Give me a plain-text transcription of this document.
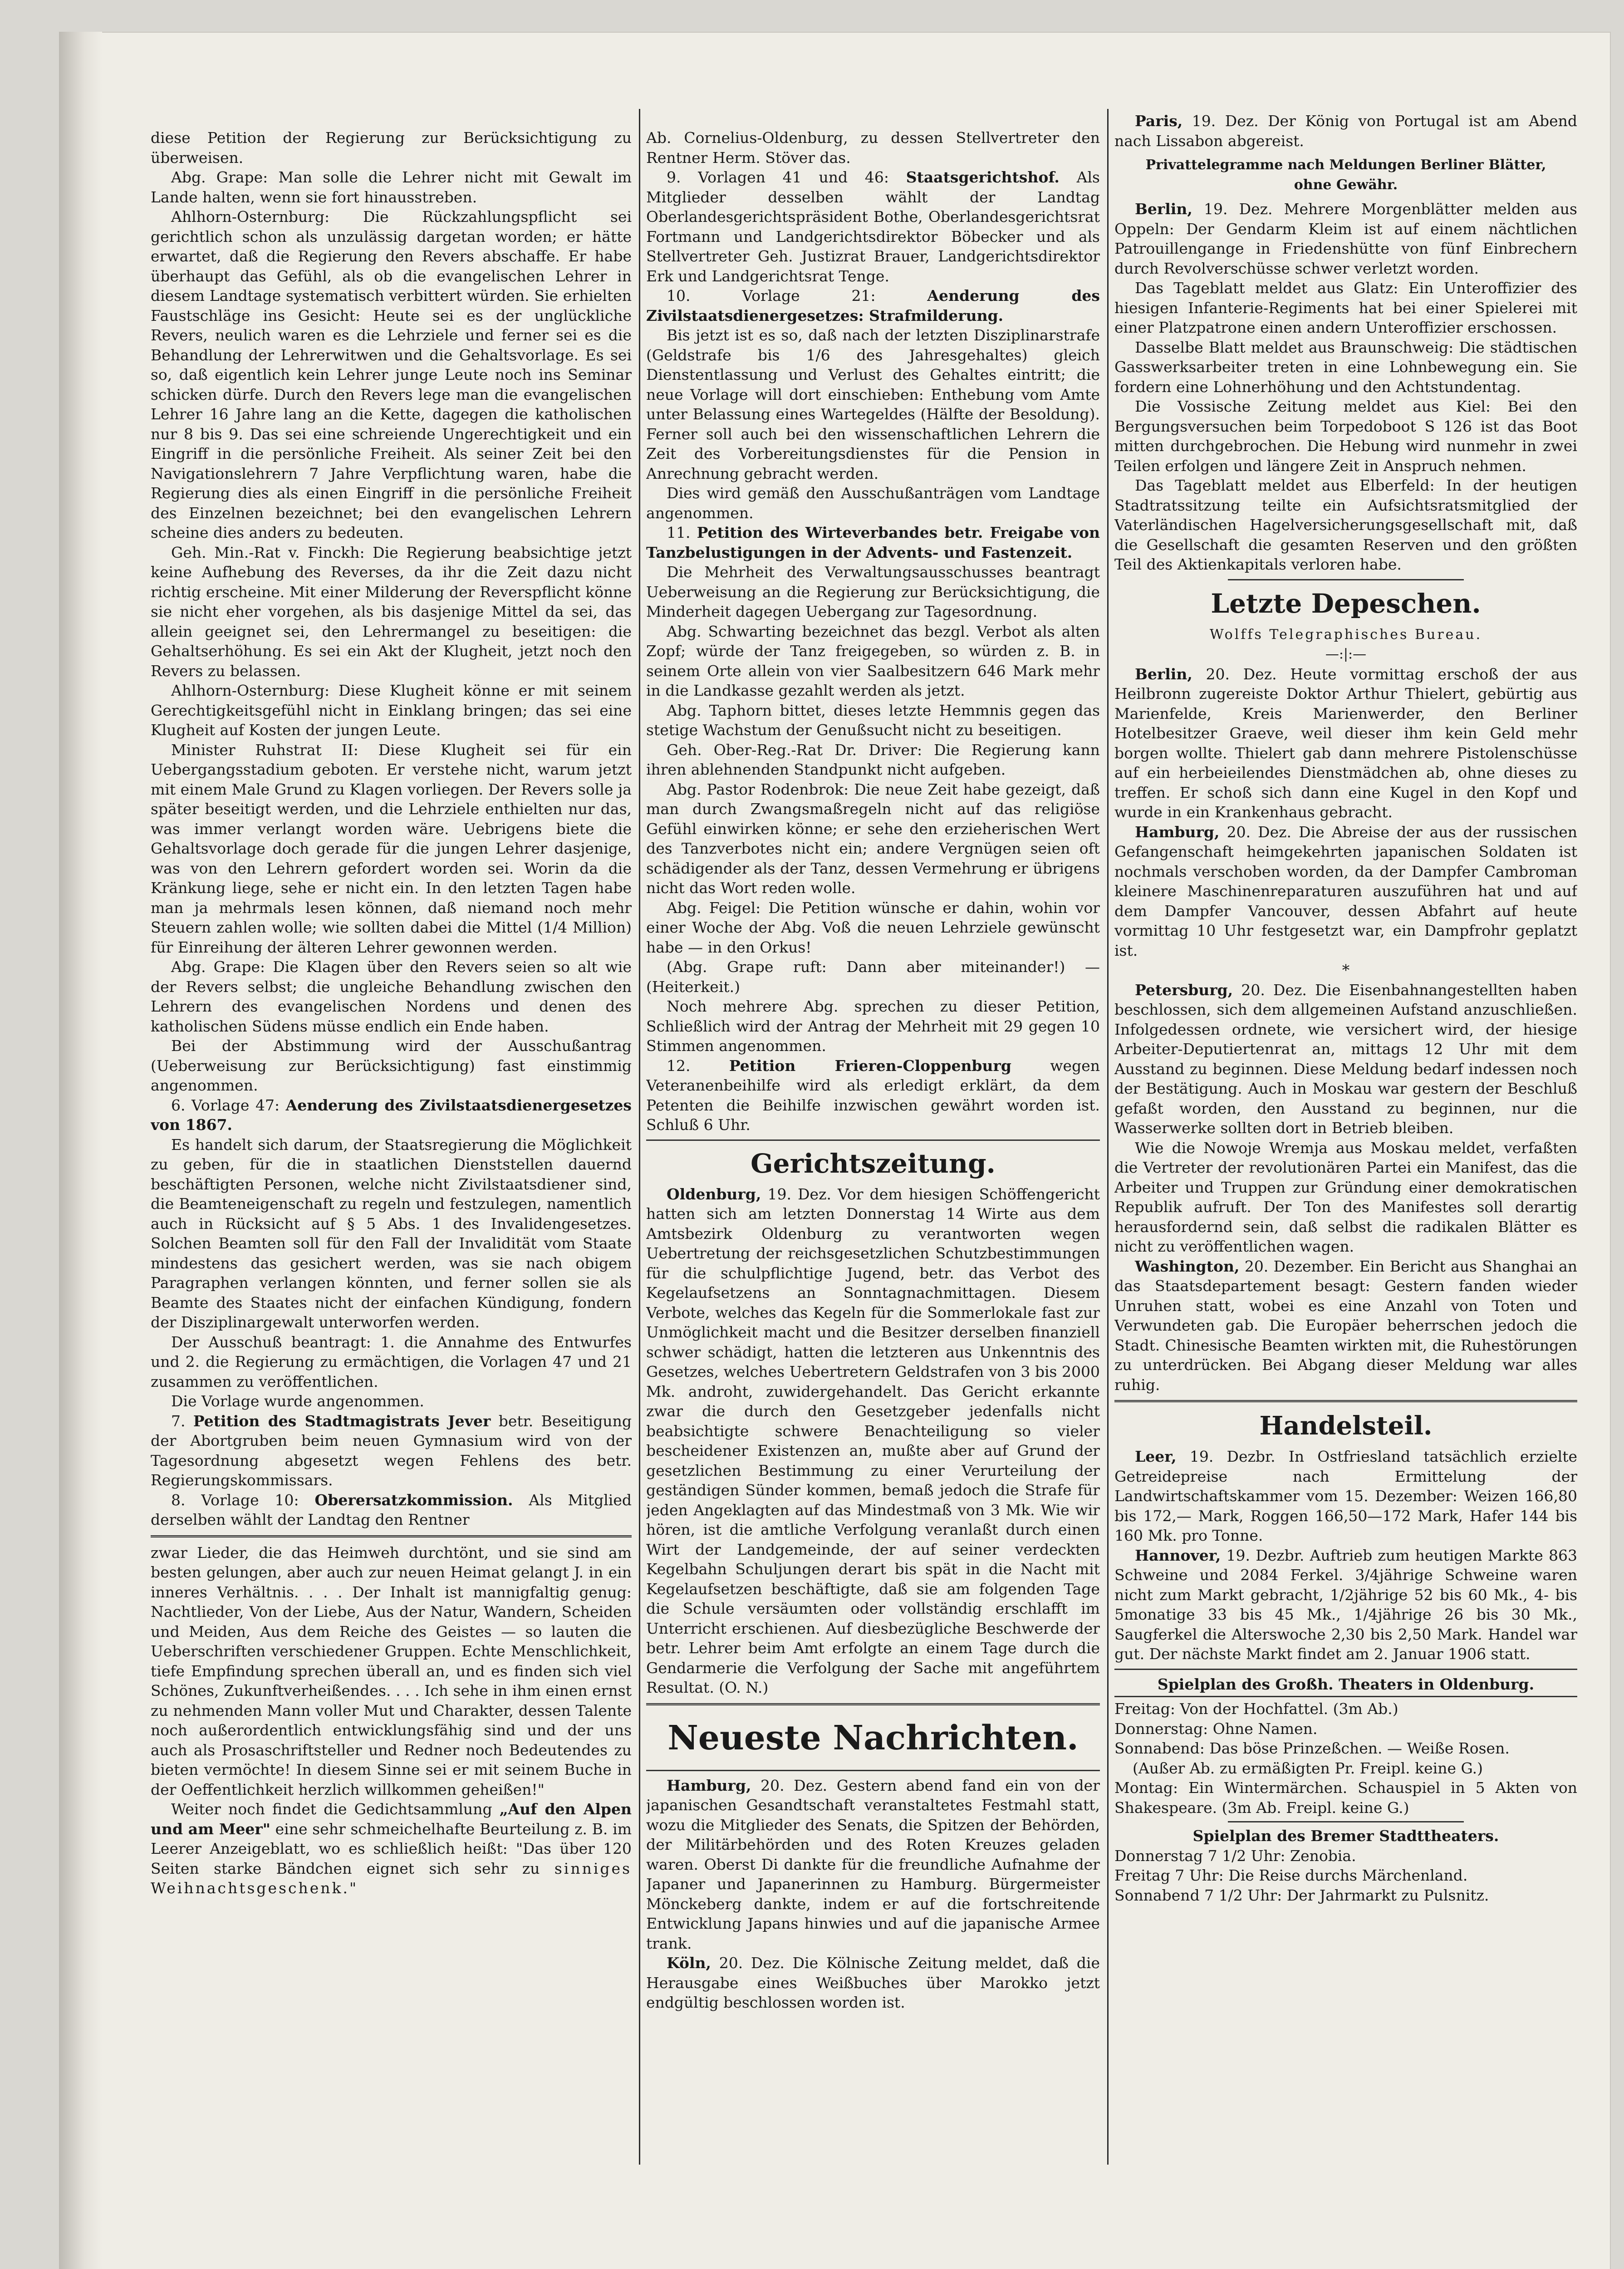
diese Petition der Regierung zur Berücksichtigung zu überweisen.

Abg. Grape: Man solle die Lehrer nicht mit Gewalt im Lande halten, wenn sie fort hinausstreben.

Ahlhorn-Osternburg: Die Rückzahlungspflicht sei gerichtlich schon als unzulässig dargetan worden; er hätte erwartet, daß die Regierung den Revers abschaffe. Er habe überhaupt das Gefühl, als ob die evangelischen Lehrer in diesem Landtage systematisch verbittert würden. Sie erhielten Faustschläge ins Gesicht: Heute sei es der unglückliche Revers, neulich waren es die Lehrziele und ferner sei es die Behandlung der Lehrerwitwen und die Gehaltsvorlage. Es sei so, daß eigentlich kein Lehrer junge Leute noch ins Seminar schicken dürfe. Durch den Revers lege man die evangelischen Lehrer 16 Jahre lang an die Kette, dagegen die katholischen nur 8 bis 9. Das sei eine schreiende Ungerechtigkeit und ein Eingriff in die persönliche Freiheit. Als seiner Zeit bei den Navigationslehrern 7 Jahre Verpflichtung waren, habe die Regierung dies als einen Eingriff in die persönliche Freiheit des Einzelnen bezeichnet; bei den evangelischen Lehrern scheine dies anders zu bedeuten.

Geh. Min.-Rat v. Finckh: Die Regierung beabsichtige jetzt keine Aufhebung des Reverses, da ihr die Zeit dazu nicht richtig erscheine. Mit einer Milderung der Reverspflicht könne sie nicht eher vorgehen, als bis dasjenige Mittel da sei, das allein geeignet sei, den Lehrermangel zu beseitigen: die Gehaltserhöhung. Es sei ein Akt der Klugheit, jetzt noch den Revers zu belassen.

Ahlhorn-Osternburg: Diese Klugheit könne er mit seinem Gerechtigkeitsgefühl nicht in Einklang bringen; das sei eine Klugheit auf Kosten der jungen Leute.

Minister Ruhstrat II: Diese Klugheit sei für ein Uebergangsstadium geboten. Er verstehe nicht, warum jetzt mit einem Male Grund zu Klagen vorliegen. Der Revers solle ja später beseitigt werden, und die Lehrziele enthielten nur das, was immer verlangt worden wäre. Uebrigens biete die Gehaltsvorlage doch gerade für die jungen Lehrer dasjenige, was von den Lehrern gefordert worden sei. Worin da die Kränkung liege, sehe er nicht ein. In den letzten Tagen habe man ja mehrmals lesen können, daß niemand noch mehr Steuern zahlen wolle; wie sollten dabei die Mittel (1/4 Million) für Einreihung der älteren Lehrer gewonnen werden.

Abg. Grape: Die Klagen über den Revers seien so alt wie der Revers selbst; die ungleiche Behandlung zwischen den Lehrern des evangelischen Nordens und denen des katholischen Südens müsse endlich ein Ende haben.

Bei der Abstimmung wird der Ausschußantrag (Ueberweisung zur Berücksichtigung) fast einstimmig angenommen.

6. Vorlage 47: Aenderung des Zivilstaatsdienergesetzes von 1867.

Es handelt sich darum, der Staatsregierung die Möglichkeit zu geben, für die in staatlichen Dienststellen dauernd beschäftigten Personen, welche nicht Zivilstaatsdiener sind, die Beamteneigenschaft zu regeln und festzulegen, namentlich auch in Rücksicht auf § 5 Abs. 1 des Invalidengesetzes. Solchen Beamten soll für den Fall der Invalidität vom Staate mindestens das gesichert werden, was sie nach obigem Paragraphen verlangen könnten, und ferner sollen sie als Beamte des Staates nicht der einfachen Kündigung, fondern der Disziplinargewalt unterworfen werden.

Der Ausschuß beantragt: 1. die Annahme des Entwurfes und 2. die Regierung zu ermächtigen, die Vorlagen 47 und 21 zusammen zu veröffentlichen.

Die Vorlage wurde angenommen.

7. Petition des Stadtmagistrats Jever betr. Beseitigung der Abortgruben beim neuen Gymnasium wird von der Tagesordnung abgesetzt wegen Fehlens des betr. Regierungskommissars.

8. Vorlage 10: Oberersatzkommission. Als Mitglied derselben wählt der Landtag den Rentner

zwar Lieder, die das Heimweh durchtönt, und sie sind am besten gelungen, aber auch zur neuen Heimat gelangt J. in ein inneres Verhältnis. . . . Der Inhalt ist mannigfaltig genug: Nachtlieder, Von der Liebe, Aus der Natur, Wandern, Scheiden und Meiden, Aus dem Reiche des Geistes — so lauten die Ueberschriften verschiedener Gruppen. Echte Menschlichkeit, tiefe Empfindung sprechen überall an, und es finden sich viel Schönes, Zukunftverheißendes. . . . Ich sehe in ihm einen ernst zu nehmenden Mann voller Mut und Charakter, dessen Talente noch außerordentlich entwicklungsfähig sind und der uns auch als Prosaschriftsteller und Redner noch Bedeutendes zu bieten vermöchte! In diesem Sinne sei er mit seinem Buche in der Oeffentlichkeit herzlich willkommen geheißen!"

Weiter noch findet die Gedichtsammlung „Auf den Alpen und am Meer" eine sehr schmeichelhafte Beurteilung z. B. im Leerer Anzeigeblatt, wo es schließlich heißt: "Das über 120 Seiten starke Bändchen eignet sich sehr zu sinniges Weihnachtsgeschenk."

Ab. Cornelius-Oldenburg, zu dessen Stellvertreter den Rentner Herm. Stöver das.

9. Vorlagen 41 und 46: Staatsgerichtshof. Als Mitglieder desselben wählt der Landtag Oberlandesgerichtspräsident Bothe, Oberlandesgerichtsrat Fortmann und Landgerichtsdirektor Böbecker und als Stellvertreter Geh. Justizrat Brauer, Landgerichtsdirektor Erk und Landgerichtsrat Tenge.

10. Vorlage 21: Aenderung des Zivilstaatsdienergesetzes: Strafmilderung.

Bis jetzt ist es so, daß nach der letzten Disziplinarstrafe (Geldstrafe bis 1/6 des Jahresgehaltes) gleich Dienstentlassung und Verlust des Gehaltes eintritt; die neue Vorlage will dort einschieben: Enthebung vom Amte unter Belassung eines Wartegeldes (Hälfte der Besoldung). Ferner soll auch bei den wissenschaftlichen Lehrern die Zeit des Vorbereitungsdienstes für die Pension in Anrechnung gebracht werden.

Dies wird gemäß den Ausschußanträgen vom Landtage angenommen.

11. Petition des Wirteverbandes betr. Freigabe von Tanzbelustigungen in der Advents- und Fastenzeit.

Die Mehrheit des Verwaltungsausschusses beantragt Ueberweisung an die Regierung zur Berücksichtigung, die Minderheit dagegen Uebergang zur Tagesordnung.

Abg. Schwarting bezeichnet das bezgl. Verbot als alten Zopf; würde der Tanz freigegeben, so würden z. B. in seinem Orte allein von vier Saalbesitzern 646 Mark mehr in die Landkasse gezahlt werden als jetzt.

Abg. Taphorn bittet, dieses letzte Hemmnis gegen das stetige Wachstum der Genußsucht nicht zu beseitigen.

Geh. Ober-Reg.-Rat Dr. Driver: Die Regierung kann ihren ablehnenden Standpunkt nicht aufgeben.

Abg. Pastor Rodenbrok: Die neue Zeit habe gezeigt, daß man durch Zwangsmaßregeln nicht auf das religiöse Gefühl einwirken könne; er sehe den erzieherischen Wert des Tanzverbotes nicht ein; andere Vergnügen seien oft schädigender als der Tanz, dessen Vermehrung er übrigens nicht das Wort reden wolle.

Abg. Feigel: Die Petition wünsche er dahin, wohin vor einer Woche der Abg. Voß die neuen Lehrziele gewünscht habe — in den Orkus!

(Abg. Grape ruft: Dann aber miteinander!) — (Heiterkeit.)

Noch mehrere Abg. sprechen zu dieser Petition, Schließlich wird der Antrag der Mehrheit mit 29 gegen 10 Stimmen angenommen.

12. Petition Frieren-Cloppenburg wegen Veteranenbeihilfe wird als erledigt erklärt, da dem Petenten die Beihilfe inzwischen gewährt worden ist. Schluß 6 Uhr.

Gerichtszeitung.

Oldenburg, 19. Dez. Vor dem hiesigen Schöffengericht hatten sich am letzten Donnerstag 14 Wirte aus dem Amtsbezirk Oldenburg zu verantworten wegen Uebertretung der reichsgesetzlichen Schutzbestimmungen für die schulpflichtige Jugend, betr. das Verbot des Kegelaufsetzens an Sonntagnachmittagen. Diesem Verbote, welches das Kegeln für die Sommerlokale fast zur Unmöglichkeit macht und die Besitzer derselben finanziell schwer schädigt, hatten die letzteren aus Unkenntnis des Gesetzes, welches Uebertretern Geldstrafen von 3 bis 2000 Mk. androht, zuwidergehandelt. Das Gericht erkannte zwar die durch den Gesetzgeber jedenfalls nicht beabsichtigte schwere Benachteiligung so vieler bescheidener Existenzen an, mußte aber auf Grund der gesetzlichen Bestimmung zu einer Verurteilung der geständigen Sünder kommen, bemaß jedoch die Strafe für jeden Angeklagten auf das Mindestmaß von 3 Mk. Wie wir hören, ist die amtliche Verfolgung veranlaßt durch einen Wirt der Landgemeinde, der auf seiner verdeckten Kegelbahn Schuljungen derart bis spät in die Nacht mit Kegelaufsetzen beschäftigte, daß sie am folgenden Tage die Schule versäumten oder vollständig erschlafft im Unterricht erschienen. Auf diesbezügliche Beschwerde der betr. Lehrer beim Amt erfolgte an einem Tage durch die Gendarmerie die Verfolgung der Sache mit angeführtem Resultat. (O. N.)

Neueste Nachrichten.

Hamburg, 20. Dez. Gestern abend fand ein von der japanischen Gesandtschaft veranstaltetes Festmahl statt, wozu die Mitglieder des Senats, die Spitzen der Behörden, der Militärbehörden und des Roten Kreuzes geladen waren. Oberst Di dankte für die freundliche Aufnahme der Japaner und Japanerinnen zu Hamburg. Bürgermeister Mönckeberg dankte, indem er auf die fortschreitende Entwicklung Japans hinwies und auf die japanische Armee trank.

Köln, 20. Dez. Die Kölnische Zeitung meldet, daß die Herausgabe eines Weißbuches über Marokko jetzt endgültig beschlossen worden ist.

Paris, 19. Dez. Der König von Portugal ist am Abend nach Lissabon abgereist.

Privattelegramme nach Meldungen Berliner Blätter, ohne Gewähr.

Berlin, 19. Dez. Mehrere Morgenblätter melden aus Oppeln: Der Gendarm Kleim ist auf einem nächtlichen Patrouillengange in Friedenshütte von fünf Einbrechern durch Revolverschüsse schwer verletzt worden.

Das Tageblatt meldet aus Glatz: Ein Unteroffizier des hiesigen Infanterie-Regiments hat bei einer Spielerei mit einer Platzpatrone einen andern Unteroffizier erschossen.

Dasselbe Blatt meldet aus Braunschweig: Die städtischen Gasswerksarbeiter treten in eine Lohnbewegung ein. Sie fordern eine Lohnerhöhung und den Achtstundentag.

Die Vossische Zeitung meldet aus Kiel: Bei den Bergungsversuchen beim Torpedoboot S 126 ist das Boot mitten durchgebrochen. Die Hebung wird nunmehr in zwei Teilen erfolgen und längere Zeit in Anspruch nehmen.

Das Tageblatt meldet aus Elberfeld: In der heutigen Stadtratssitzung teilte ein Aufsichtsratsmitglied der Vaterländischen Hagelversicherungsgesellschaft mit, daß die Gesellschaft die gesamten Reserven und den größten Teil des Aktienkapitals verloren habe.

Letzte Depeschen.
Wolffs Telegraphisches Bureau.
—:|:—

Berlin, 20. Dez. Heute vormittag erschoß der aus Heilbronn zugereiste Doktor Arthur Thielert, gebürtig aus Marienfelde, Kreis Marienwerder, den Berliner Hotelbesitzer Graeve, weil dieser ihm kein Geld mehr borgen wollte. Thielert gab dann mehrere Pistolenschüsse auf ein herbeieilendes Dienstmädchen ab, ohne dieses zu treffen. Er schoß sich dann eine Kugel in den Kopf und wurde in ein Krankenhaus gebracht.

Hamburg, 20. Dez. Die Abreise der aus der russischen Gefangenschaft heimgekehrten japanischen Soldaten ist nochmals verschoben worden, da der Dampfer Cambroman kleinere Maschinenreparaturen auszuführen hat und auf dem Dampfer Vancouver, dessen Abfahrt auf heute vormittag 10 Uhr festgesetzt war, ein Dampfrohr geplatzt ist.

*

Petersburg, 20. Dez. Die Eisenbahnangestellten haben beschlossen, sich dem allgemeinen Aufstand anzuschließen. Infolgedessen ordnete, wie versichert wird, der hiesige Arbeiter-Deputiertenrat an, mittags 12 Uhr mit dem Ausstand zu beginnen. Diese Meldung bedarf indessen noch der Bestätigung. Auch in Moskau war gestern der Beschluß gefaßt worden, den Ausstand zu beginnen, nur die Wasserwerke sollten dort in Betrieb bleiben.

Wie die Nowoje Wremja aus Moskau meldet, verfaßten die Vertreter der revolutionären Partei ein Manifest, das die Arbeiter und Truppen zur Gründung einer demokratischen Republik aufruft. Der Ton des Manifestes soll derartig herausfordernd sein, daß selbst die radikalen Blätter es nicht zu veröffentlichen wagen.

Washington, 20. Dezember. Ein Bericht aus Shanghai an das Staatsdepartement besagt: Gestern fanden wieder Unruhen statt, wobei es eine Anzahl von Toten und Verwundeten gab. Die Europäer beherrschen jedoch die Stadt. Chinesische Beamten wirkten mit, die Ruhestörungen zu unterdrücken. Bei Abgang dieser Meldung war alles ruhig.

Handelsteil.

Leer, 19. Dezbr. In Ostfriesland tatsächlich erzielte Getreidepreise nach Ermittelung der Landwirtschaftskammer vom 15. Dezember: Weizen 166,80 bis 172,— Mark, Roggen 166,50—172 Mark, Hafer 144 bis 160 Mk. pro Tonne.

Hannover, 19. Dezbr. Auftrieb zum heutigen Markte 863 Schweine und 2084 Ferkel. 3/4jährige Schweine waren nicht zum Markt gebracht, 1/2jährige 52 bis 60 Mk., 4- bis 5monatige 33 bis 45 Mk., 1/4jährige 26 bis 30 Mk., Saugferkel die Alterswoche 2,30 bis 2,50 Mark. Handel war gut. Der nächste Markt findet am 2. Januar 1906 statt.

Spielplan des Großh. Theaters in Oldenburg.
Freitag: Von der Hochfattel. (3m Ab.)
Donnerstag: Ohne Namen.
Sonnabend: Das böse Prinzeßchen. — Weiße Rosen.
(Außer Ab. zu ermäßigten Pr. Freipl. keine G.)
Montag: Ein Wintermärchen. Schauspiel in 5 Akten von Shakespeare. (3m Ab. Freipl. keine G.)
Spielplan des Bremer Stadttheaters.
Donnerstag 7 1/2 Uhr: Zenobia.
Freitag 7 Uhr: Die Reise durchs Märchenland.
Sonnabend 7 1/2 Uhr: Der Jahrmarkt zu Pulsnitz.
